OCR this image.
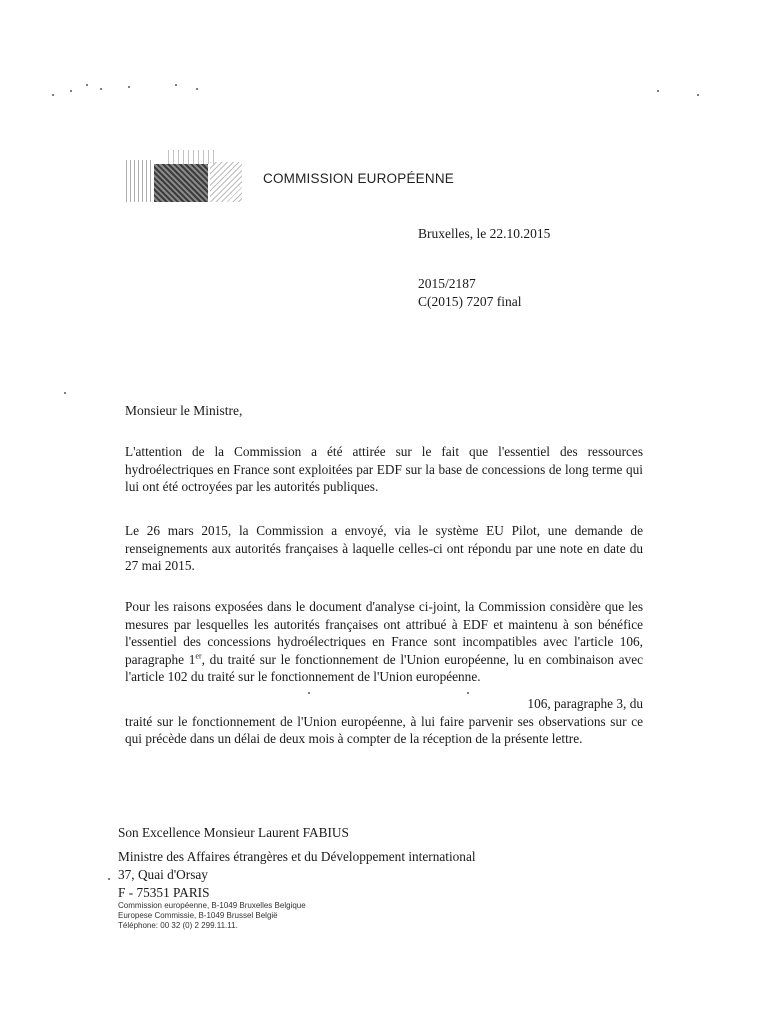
COMMISSION EUROPÉENNE
Bruxelles, le 22.10.2015
2015/2187
C(2015) 7207 final
Monsieur le Ministre,
L'attention de la Commission a été attirée sur le fait que l'essentiel des ressources
hydroélectriques en France sont exploitées par EDF sur la base de concessions de long terme qui
lui ont été octroyées par les autorités publiques.
Le 26 mars 2015, la Commission a envoyé, via le système EU Pilot, une demande de
renseignements aux autorités françaises à laquelle celles-ci ont répondu par une note en date du
27 mai 2015.
Pour les raisons exposées dans le document d'analyse ci-joint, la Commission considère que les
mesures par lesquelles les autorités françaises ont attribué à EDF et maintenu à son bénéfice
l'essentiel des concessions hydroélectriques en France sont incompatibles avec l'article 106,
paragraphe 1er, du traité sur le fonctionnement de l'Union européenne, lu en combinaison avec
l'article 102 du traité sur le fonctionnement de l'Union européenne.
106, paragraphe 3, du
traité sur le fonctionnement de l'Union européenne, à lui faire parvenir ses observations sur ce
qui précède dans un délai de deux mois à compter de la réception de la présente lettre.
Son Excellence Monsieur Laurent FABIUS
Ministre des Affaires étrangères et du Développement international
37, Quai d'Orsay
F - 75351 PARIS
Commission européenne, B-1049 Bruxelles Belgique
Europese Commissie, B-1049 Brussel België
Téléphone: 00 32 (0) 2 299.11.11.
